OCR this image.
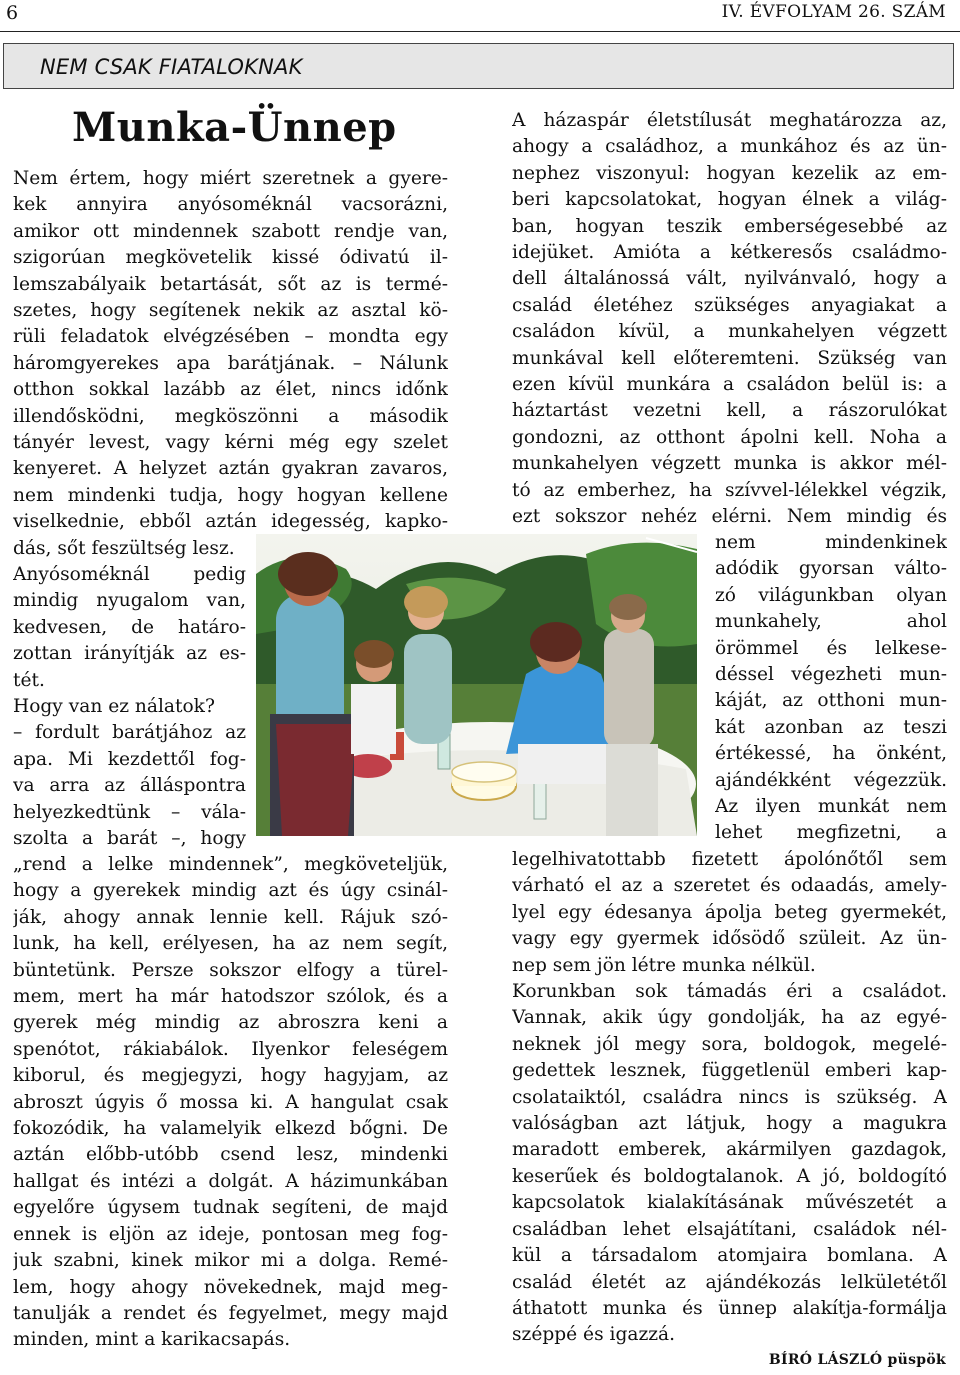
6	IV. ÉVFOLYAM 26. SZÁM
NEM CSAK FIATALOKNAK
Munka-Ünnep
Nem értem, hogy miért szeretnek a gyere-
kek annyira anyósoméknál vacsorázni,
amikor ott mindennek szabott rendje van,
szigorúan megkövetelik kissé ódivatú il-
lemszabályaik betartását, sőt az is termé-
szetes, hogy segítenek nekik az asztal kö-
rüli feladatok elvégzésében – mondta egy
háromgyerekes apa barátjának. – Nálunk
otthon sokkal lazább az élet, nincs időnk
illendősködni, megköszönni a második
tányér levest, vagy kérni még egy szelet
kenyeret. A helyzet aztán gyakran zavaros,
nem mindenki tudja, hogy hogyan kellene
viselkednie, ebből aztán idegesség, kapko-
dás, sőt feszültség lesz.
Anyósoméknál pedig
mindig nyugalom van,
kedvesen, de határo-
zottan irányítják az es-
tét.
Hogy van ez nálatok?
– fordult barátjához az
apa. Mi kezdettől fog-
va arra az álláspontra
helyezkedtünk – vála-
szolta a barát –, hogy
„rend a lelke mindennek”, megköveteljük,
hogy a gyerekek mindig azt és úgy csinál-
ják, ahogy annak lennie kell. Rájuk szó-
lunk, ha kell, erélyesen, ha az nem segít,
büntetünk. Persze sokszor elfogy a türel-
mem, mert ha már hatodszor szólok, és a
gyerek még mindig az abroszra keni a
spenótot, rákiabálok. Ilyenkor feleségem
kiborul, és megjegyzi, hogy hagyjam, az
abroszt úgyis ő mossa ki. A hangulat csak
fokozódik, ha valamelyik elkezd bőgni. De
aztán előbb-utóbb csend lesz, mindenki
hallgat és intézi a dolgát. A házimunkában
egyelőre úgysem tudnak segíteni, de majd
ennek is eljön az ideje, pontosan meg fog-
juk szabni, kinek mikor mi a dolga. Remé-
lem, hogy ahogy növekednek, majd meg-
tanulják a rendet és fegyelmet, megy majd
minden, mint a karikacsapás.
A házaspár életstílusát meghatározza az,
ahogy a családhoz, a munkához és az ün-
nephez viszonyul: hogyan kezelik az em-
beri kapcsolatokat, hogyan élnek a világ-
ban, hogyan teszik emberségesebbé az
idejüket. Amióta a kétkeresős családmo-
dell általánossá vált, nyilvánvaló, hogy a
család életéhez szükséges anyagiakat a
családon kívül, a munkahelyen végzett
munkával kell előteremteni. Szükség van
ezen kívül munkára a családon belül is: a
háztartást vezetni kell, a rászorulókat
gondozni, az otthont ápolni kell. Noha a
munkahelyen végzett munka is akkor mél-
tó az emberhez, ha szívvel-lélekkel végzik,
ezt sokszor nehéz elérni. Nem mindig és
nem mindenkinek
adódik gyorsan válto-
zó világunkban olyan
munkahely, ahol
örömmel és lelkese-
déssel végezheti mun-
káját, az otthoni mun-
kát azonban az teszi
értékessé, ha önként,
ajándékként végezzük.
Az ilyen munkát nem
lehet megfizetni, a
legelhivatottabb fizetett ápolónőtől sem
várható el az a szeretet és odaadás, amely-
lyel egy édesanya ápolja beteg gyermekét,
vagy egy gyermek idősödő szüleit. Az ün-
nep sem jön létre munka nélkül.
Korunkban sok támadás éri a családot.
Vannak, akik úgy gondolják, ha az egyé-
neknek jól megy sora, boldogok, megelé-
gedettek lesznek, függetlenül emberi kap-
csolataiktól, családra nincs is szükség. A
valóságban azt látjuk, hogy a magukra
maradott emberek, akármilyen gazdagok,
keserűek és boldogtalanok. A jó, boldogító
kapcsolatok kialakításának művészetét a
családban lehet elsajátítani, családok nél-
kül a társadalom atomjaira bomlana. A
család életét az ajándékozás lelkületétől
áthatott munka és ünnep alakítja-formálja
széppé és igazzá.
BÍRÓ LÁSZLÓ püspök
